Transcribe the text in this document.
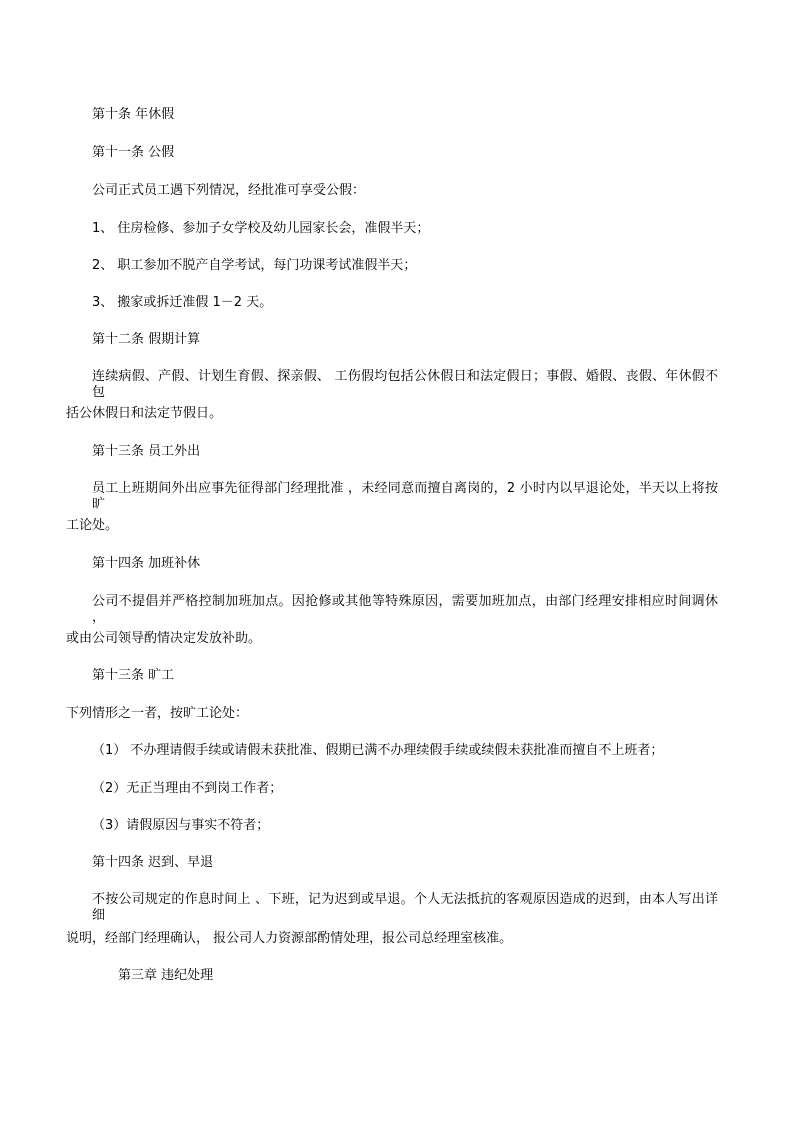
第十条 年休假
第十一条 公假
公司正式员工遇下列情况，经批准可享受公假：
1、 住房检修、参加子女学校及幼儿园家长会，准假半天；
2、 职工参加不脱产自学考试，每门功课考试准假半天；
3、 搬家或拆迁准假 1－2 天。
第十二条 假期计算
连续病假、产假、计划生育假、探亲假、 工伤假均包括公休假日和法定假日；事假、婚假、丧假、年休假不包
括公休假日和法定节假日。
第十三条 员工外出
员工上班期间外出应事先征得部门经理批准 ，未经同意而擅自离岗的，2 小时内以早退论处，半天以上将按旷
工论处。
第十四条 加班补休
公司不提倡并严格控制加班加点。因抢修或其他等特殊原因，需要加班加点，由部门经理安排相应时间调休 ，
或由公司领导酌情决定发放补助。
第十三条 旷工
下列情形之一者，按旷工论处：
（1） 不办理请假手续或请假未获批准、假期已满不办理续假手续或续假未获批准而擅自不上班者；
（2）无正当理由不到岗工作者；
（3）请假原因与事实不符者；
第十四条 迟到、早退
不按公司规定的作息时间上 、下班，记为迟到或早退。个人无法抵抗的客观原因造成的迟到，由本人写出详细
说明，经部门经理确认， 报公司人力资源部酌情处理，报公司总经理室核准。
第三章 违纪处理
